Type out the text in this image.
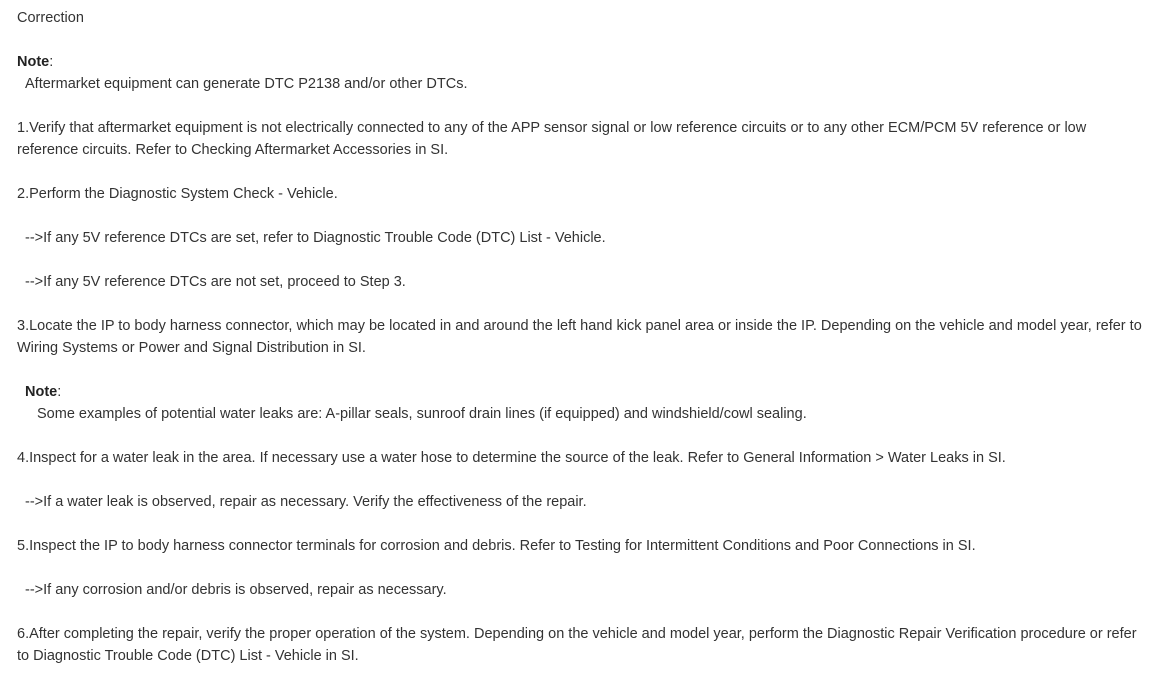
Correction

Note:

Aftermarket equipment can generate DTC P2138 and/or other DTCs.

1.Verify that aftermarket equipment is not electrically connected to any of the APP sensor signal or low reference circuits or to any other ECM/PCM 5V reference or low reference circuits. Refer to Checking Aftermarket Accessories in SI.

2.Perform the Diagnostic System Check - Vehicle.

-->If any 5V reference DTCs are set, refer to Diagnostic Trouble Code (DTC) List - Vehicle.

-->If any 5V reference DTCs are not set, proceed to Step 3.

3.Locate the IP to body harness connector, which may be located in and around the left hand kick panel area or inside the IP. Depending on the vehicle and model year, refer to Wiring Systems or Power and Signal Distribution in SI.

Note:

Some examples of potential water leaks are: A-pillar seals, sunroof drain lines (if equipped) and windshield/cowl sealing.

4.Inspect for a water leak in the area. If necessary use a water hose to determine the source of the leak. Refer to General Information > Water Leaks in SI.

-->If a water leak is observed, repair as necessary. Verify the effectiveness of the repair.

5.Inspect the IP to body harness connector terminals for corrosion and debris. Refer to Testing for Intermittent Conditions and Poor Connections in SI.

-->If any corrosion and/or debris is observed, repair as necessary.

6.After completing the repair, verify the proper operation of the system. Depending on the vehicle and model year, perform the Diagnostic Repair Verification procedure or refer to Diagnostic Trouble Code (DTC) List - Vehicle in SI.
